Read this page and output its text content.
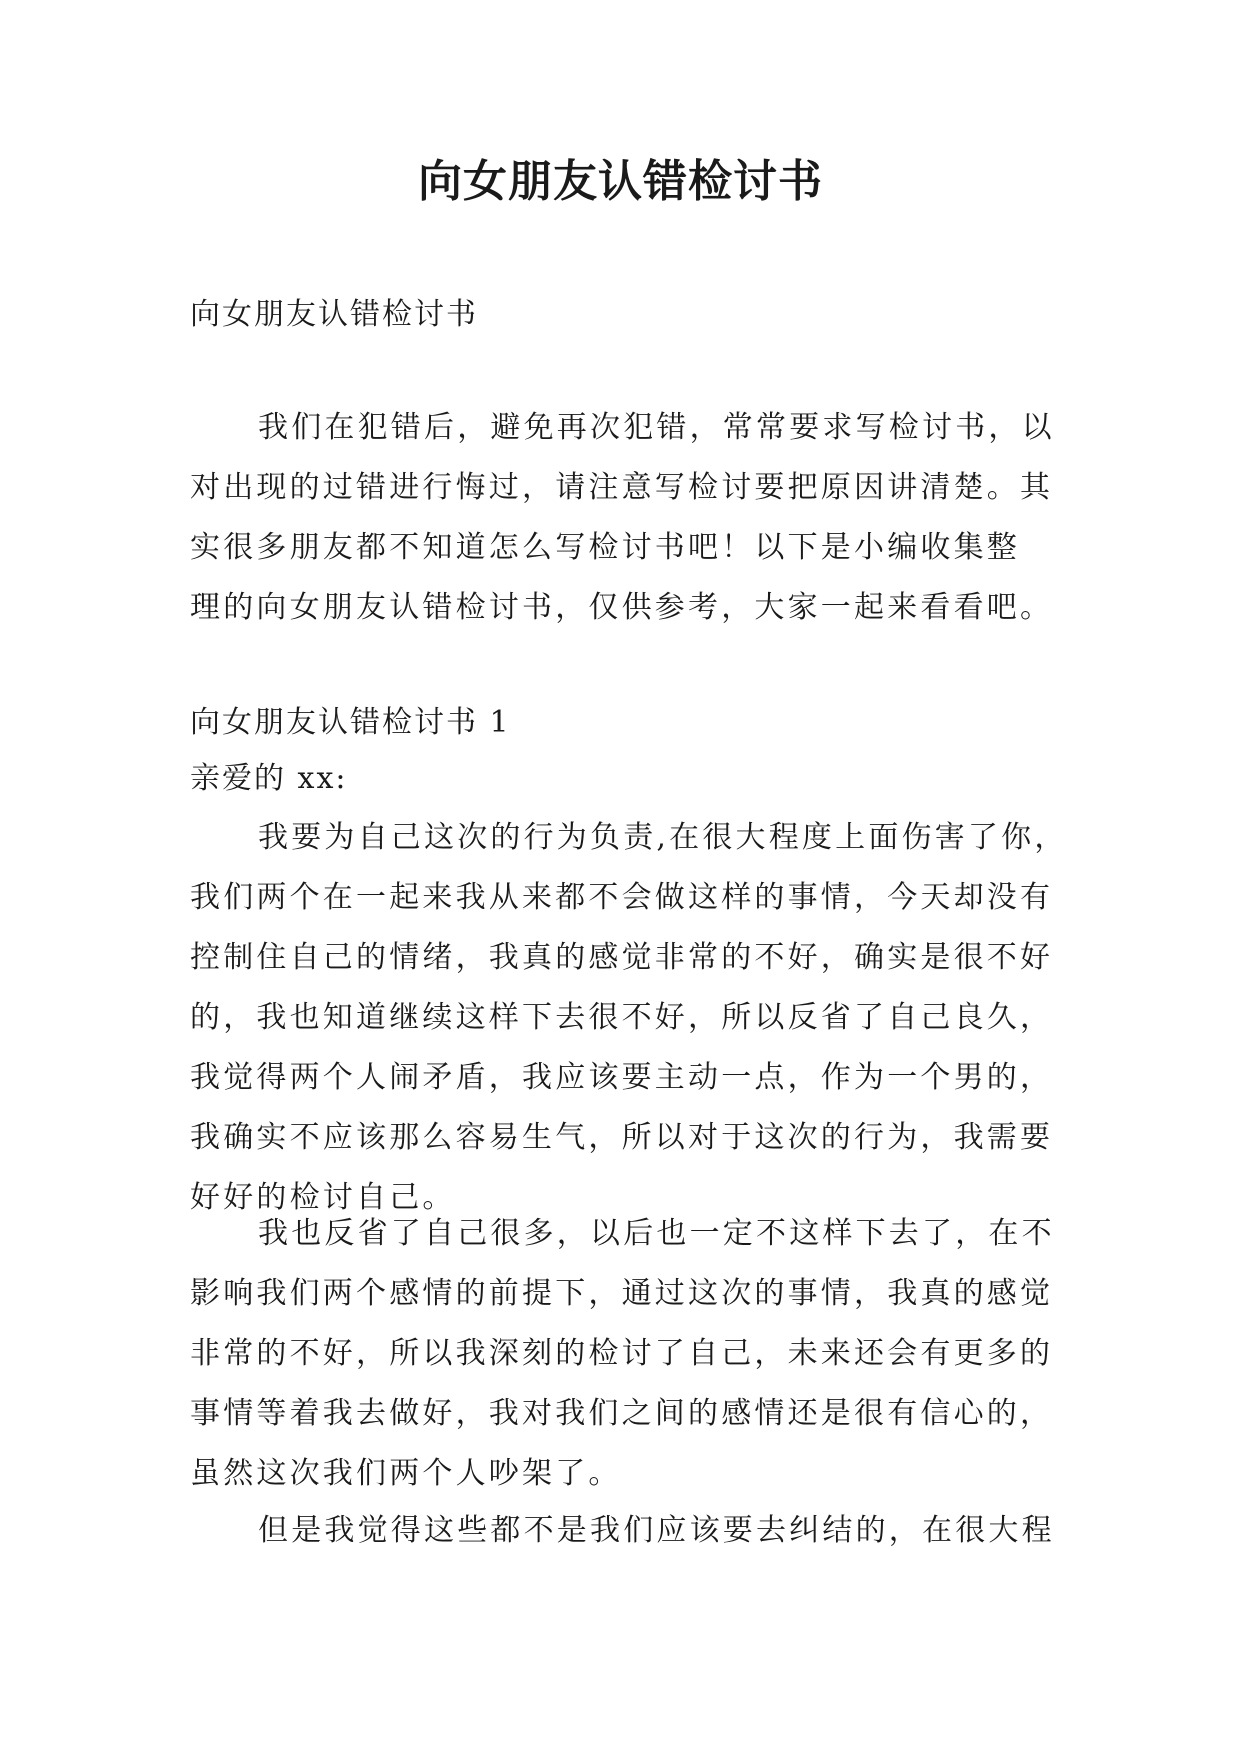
向女朋友认错检讨书
向女朋友认错检讨书
我们在犯错后，避免再次犯错，常常要求写检讨书，以
对出现的过错进行悔过，请注意写检讨要把原因讲清楚。其
实很多朋友都不知道怎么写检讨书吧！以下是小编收集整
理的向女朋友认错检讨书，仅供参考，大家一起来看看吧。
向女朋友认错检讨书 1
亲爱的 xx:
我要为自己这次的行为负责,在很大程度上面伤害了你，
我们两个在一起来我从来都不会做这样的事情，今天却没有
控制住自己的情绪，我真的感觉非常的不好，确实是很不好
的，我也知道继续这样下去很不好，所以反省了自己良久，
我觉得两个人闹矛盾，我应该要主动一点，作为一个男的，
我确实不应该那么容易生气，所以对于这次的行为，我需要
好好的检讨自己。
我也反省了自己很多，以后也一定不这样下去了，在不
影响我们两个感情的前提下，通过这次的事情，我真的感觉
非常的不好，所以我深刻的检讨了自己，未来还会有更多的
事情等着我去做好，我对我们之间的感情还是很有信心的，
虽然这次我们两个人吵架了。
但是我觉得这些都不是我们应该要去纠结的，在很大程
